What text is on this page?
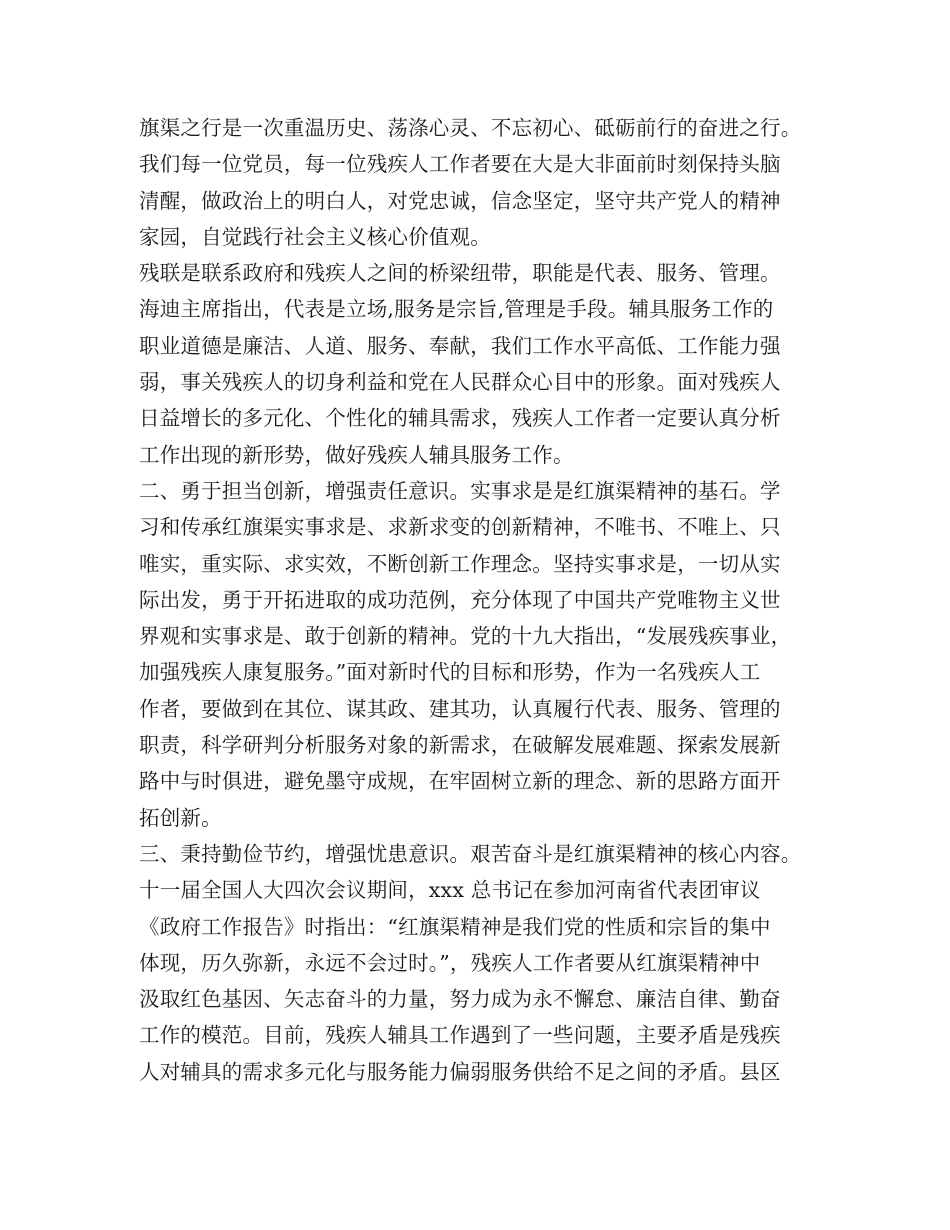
旗渠之行是一次重温历史、荡涤心灵、不忘初心、砥砺前行的奋进之行。
我们每一位党员，每一位残疾人工作者要在大是大非面前时刻保持头脑
清醒，做政治上的明白人，对党忠诚，信念坚定，坚守共产党人的精神
家园，自觉践行社会主义核心价值观。
残联是联系政府和残疾人之间的桥梁纽带，职能是代表、服务、管理。
海迪主席指出，代表是立场,服务是宗旨,管理是手段。辅具服务工作的
职业道德是廉洁、人道、服务、奉献，我们工作水平高低、工作能力强
弱，事关残疾人的切身利益和党在人民群众心目中的形象。面对残疾人
日益增长的多元化、个性化的辅具需求，残疾人工作者一定要认真分析
工作出现的新形势，做好残疾人辅具服务工作。
二、勇于担当创新，增强责任意识。实事求是是红旗渠精神的基石。学
习和传承红旗渠实事求是、求新求变的创新精神，不唯书、不唯上、只
唯实，重实际、求实效，不断创新工作理念。坚持实事求是，一切从实
际出发，勇于开拓进取的成功范例，充分体现了中国共产党唯物主义世
界观和实事求是、敢于创新的精神。党的十九大指出，“发展残疾事业，
加强残疾人康复服务。”面对新时代的目标和形势，作为一名残疾人工
作者，要做到在其位、谋其政、建其功，认真履行代表、服务、管理的
职责，科学研判分析服务对象的新需求，在破解发展难题、探索发展新
路中与时俱进，避免墨守成规，在牢固树立新的理念、新的思路方面开
拓创新。
三、秉持勤俭节约，增强忧患意识。艰苦奋斗是红旗渠精神的核心内容。
十一届全国人大四次会议期间，xxx 总书记在参加河南省代表团审议
《政府工作报告》时指出：“红旗渠精神是我们党的性质和宗旨的集中
体现，历久弥新，永远不会过时。”，残疾人工作者要从红旗渠精神中
汲取红色基因、矢志奋斗的力量，努力成为永不懈怠、廉洁自律、勤奋
工作的模范。目前，残疾人辅具工作遇到了一些问题，主要矛盾是残疾
人对辅具的需求多元化与服务能力偏弱服务供给不足之间的矛盾。县区
